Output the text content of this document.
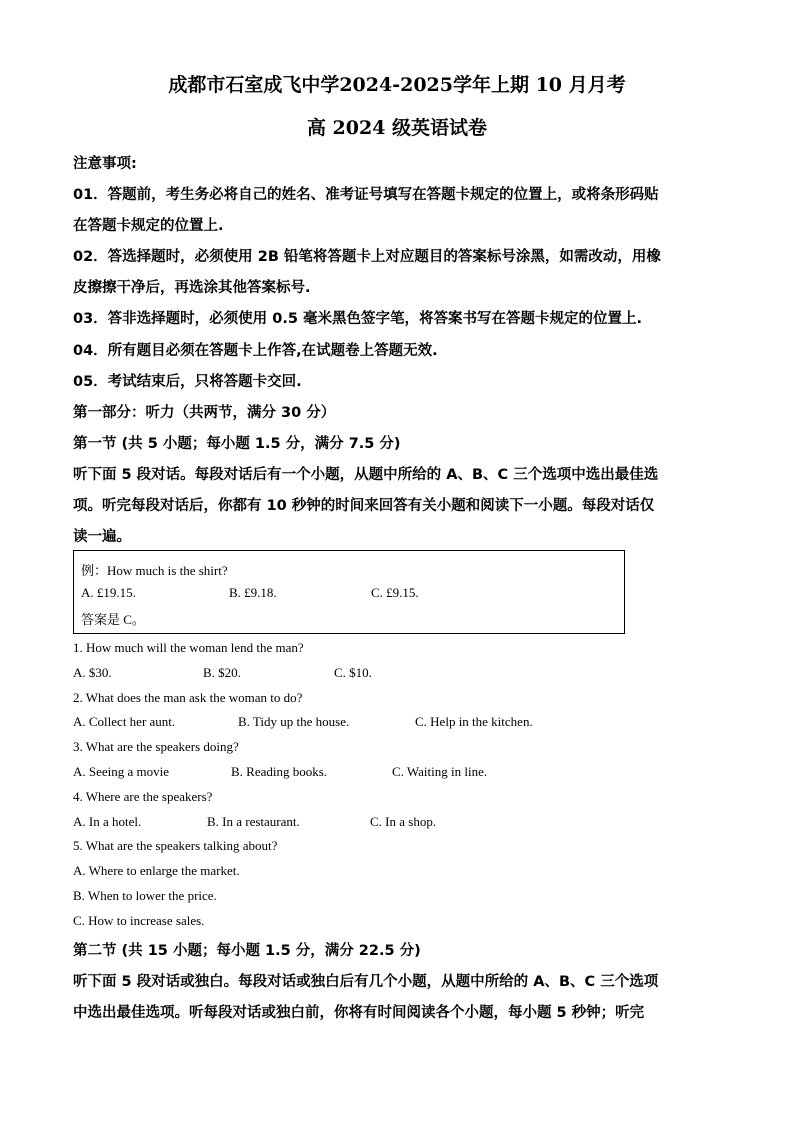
成都市石室成飞中学2024-2025学年上期 10 月月考
高 2024 级英语试卷
注意事项:
01．答题前，考生务必将自己的姓名、准考证号填写在答题卡规定的位置上，或将条形码贴
在答题卡规定的位置上.
02．答选择题时，必须使用 2B 铅笔将答题卡上对应题目的答案标号涂黑，如需改动，用橡
皮擦擦干净后，再选涂其他答案标号.
03．答非选择题时，必须使用 0.5 毫米黑色签字笔，将答案书写在答题卡规定的位置上.
04．所有题目必须在答题卡上作答,在试题卷上答题无效.
05．考试结束后，只将答题卡交回.
第一部分：听力（共两节，满分 30 分）
第一节 (共 5 小题；每小题 1.5 分，满分 7.5 分)
听下面 5 段对话。每段对话后有一个小题，从题中所给的 A、B、C 三个选项中选出最佳选
项。听完每段对话后，你都有 10 秒钟的时间来回答有关小题和阅读下一小题。每段对话仅
读一遍。
例：How much is the shirt?
A. £19.15.	B. £9.18.	C. £9.15.
答案是 C。
1. How much will the woman lend the man?
A. $30.	B. $20.	C. $10.
2. What does the man ask the woman to do?
A. Collect her aunt.	B. Tidy up the house.	C. Help in the kitchen.
3. What are the speakers doing?
A. Seeing a movie	B. Reading books.	C. Waiting in line.
4. Where are the speakers?
A. In a hotel.	B. In a restaurant.	C. In a shop.
5. What are the speakers talking about?
A. Where to enlarge the market.
B. When to lower the price.
C. How to increase sales.
第二节 (共 15 小题；每小题 1.5 分，满分 22.5 分)
听下面 5 段对话或独白。每段对话或独白后有几个小题，从题中所给的 A、B、C 三个选项
中选出最佳选项。听每段对话或独白前，你将有时间阅读各个小题，每小题 5 秒钟；听完
